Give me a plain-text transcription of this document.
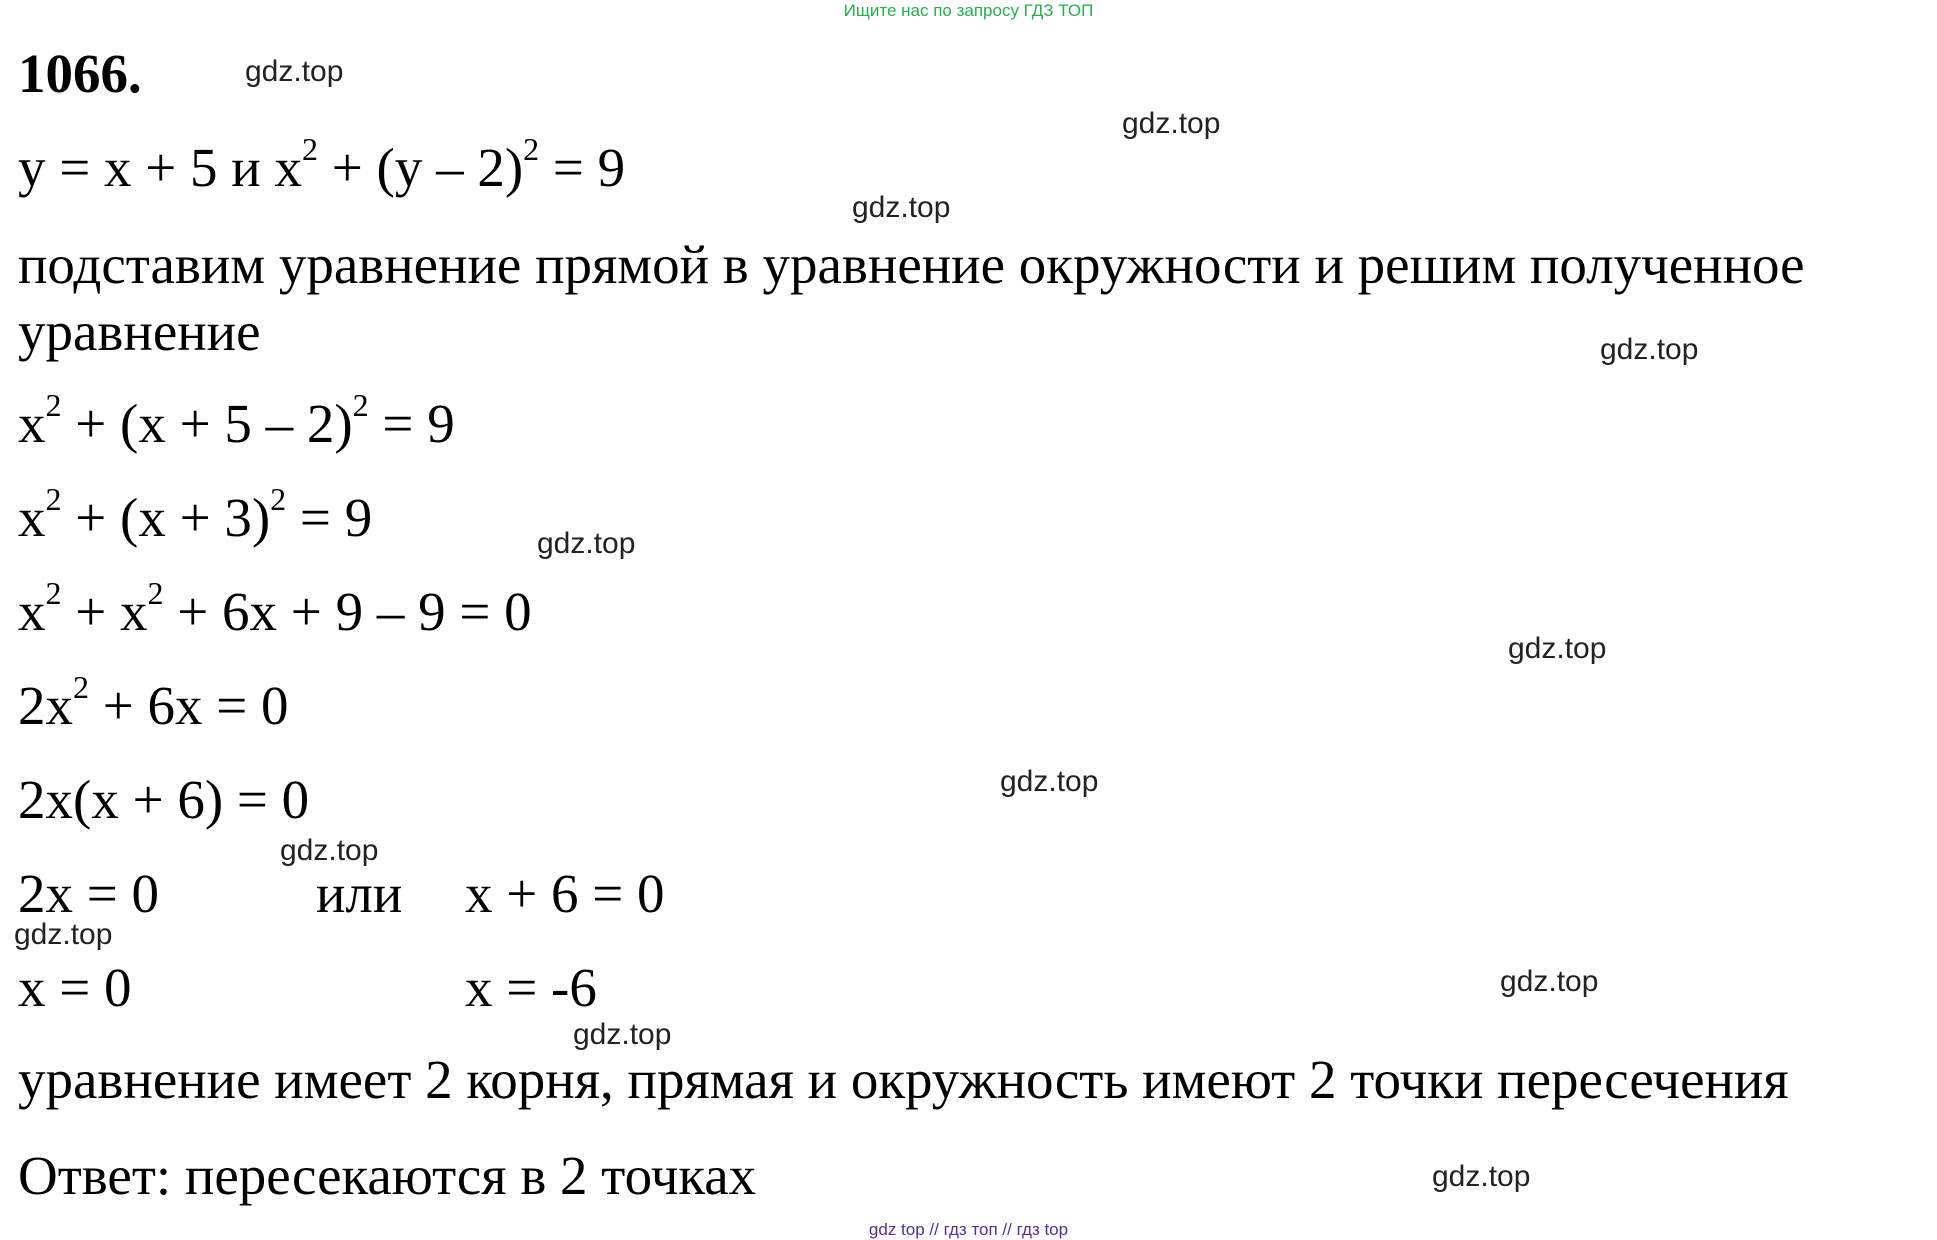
Ищите нас по запросу ГДЗ ТОП
1066.
y = x + 5 и $x^2 + (y - 2)^2 = 9$
подставим уравнение прямой в уравнение окружности и решим полученное
уравнение
$x^2 + (x + 5 - 2)^2 = 9$
$x^2 + (x + 3)^2 = 9$
$x^2 + x^2 + 6x + 9 - 9 = 0$
$2x^2 + 6x = 0$
2x(x + 6) = 0
2x = 0	или x + 6 = 0
x = 0	x = -6
уравнение имеет 2 корня, прямая и окружность имеют 2 точки пересечения
Ответ: пересекаются в 2 точках
gdz.top
gdz.top
gdz.top
gdz.top
gdz.top
gdz.top
gdz.top
gdz.top
gdz.top
gdz.top
gdz.top
gdz.top
gdz top // гдз топ // гдз top
